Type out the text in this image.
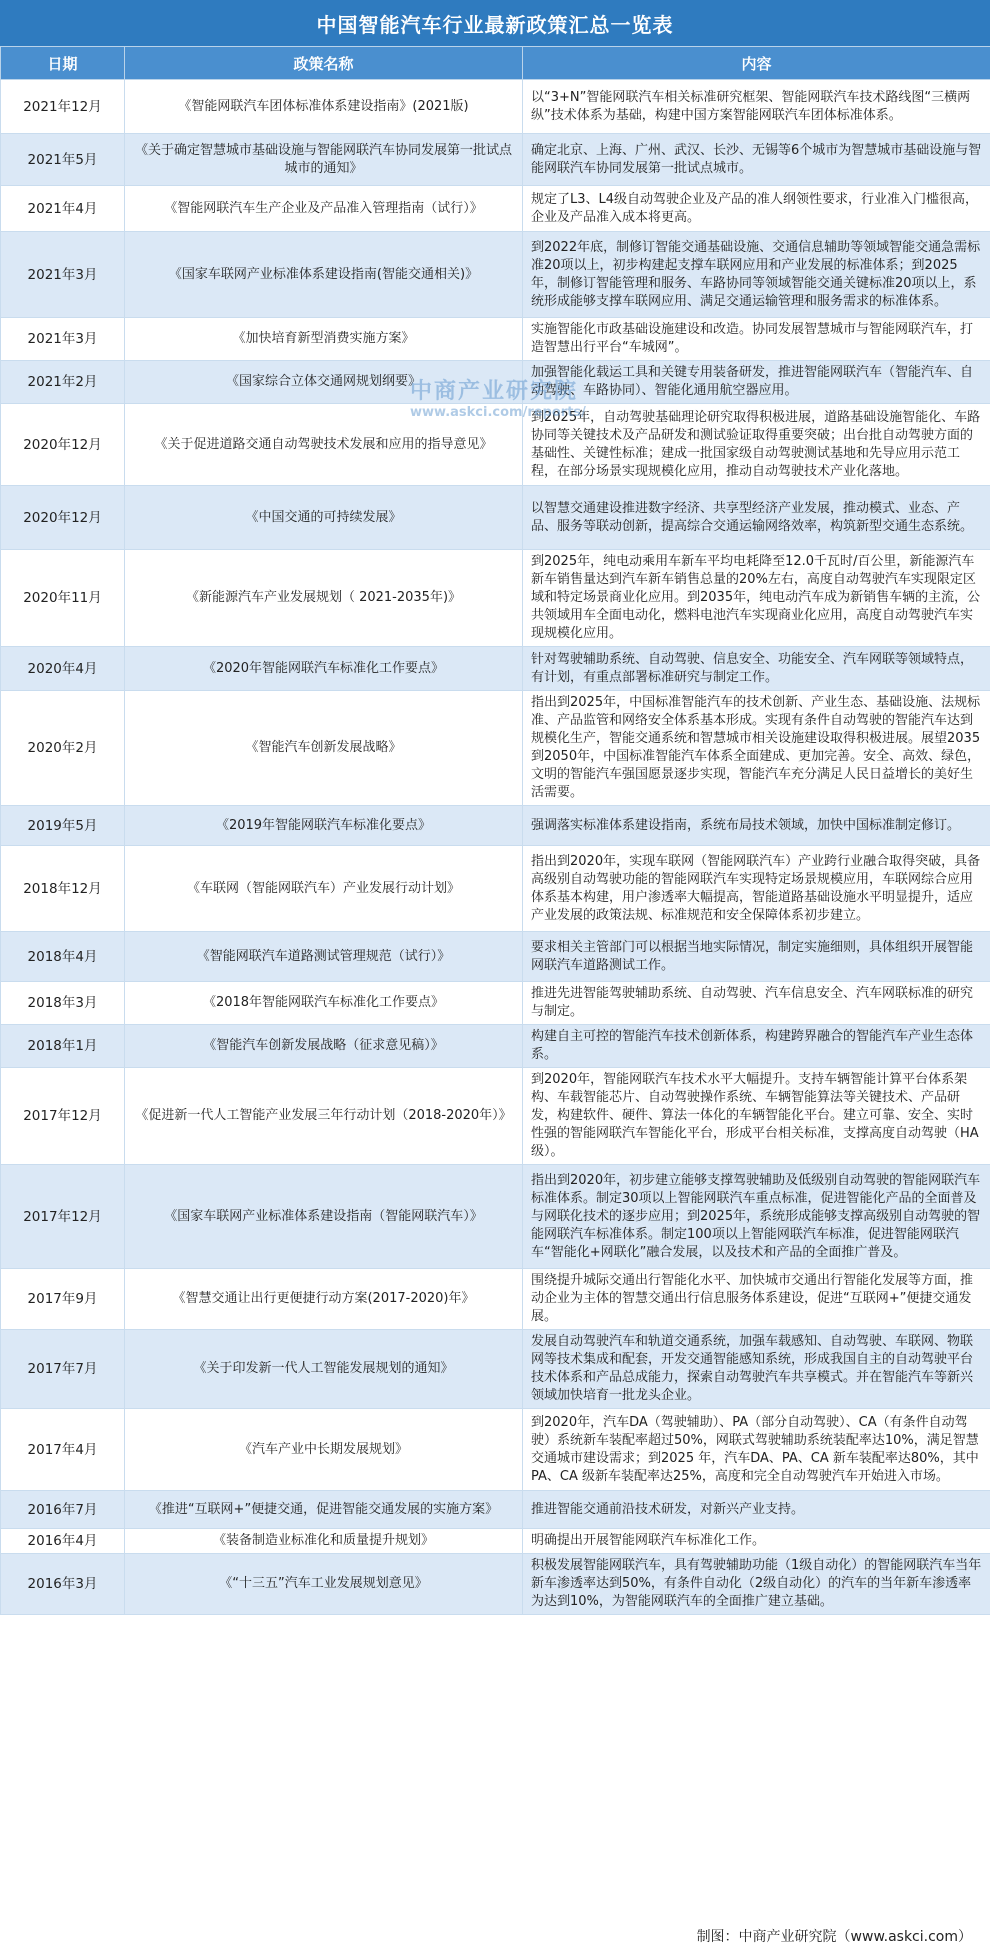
中国智能汽车行业最新政策汇总一览表
日期	政策名称	内容
2021年12月	《智能网联汽车团体标准体系建设指南》(2021版)	以“3+N”智能网联汽车相关标准研究框架、智能网联汽车技术路线图“三横两纵”技术体系为基础，构建中国方案智能网联汽车团体标准体系。
2021年5月	《关于确定智慧城市基础设施与智能网联汽车协同发展第一批试点城市的通知》	确定北京、上海、广州、武汉、长沙、无锡等6个城市为智慧城市基础设施与智能网联汽车协同发展第一批试点城市。
2021年4月	《智能网联汽车生产企业及产品准入管理指南（试行）》	规定了L3、L4级自动驾驶企业及产品的准人纲领性要求，行业准入门槛很高，企业及产品准入成本将更高。
2021年3月	《国家车联网产业标准体系建设指南(智能交通相关)》	到2022年底，制修订智能交通基础设施、交通信息辅助等领域智能交通急需标准20项以上，初步构建起支撑车联网应用和产业发展的标准体系；到2025年，制修订智能管理和服务、车路协同等领域智能交通关键标准20项以上，系统形成能够支撑车联网应用、满足交通运输管理和服务需求的标准体系。
2021年3月	《加快培育新型消费实施方案》	实施智能化市政基础设施建设和改造。协同发展智慧城市与智能网联汽车，打造智慧出行平台“车城网”。
2021年2月	《国家综合立体交通网规划纲要》	加强智能化载运工具和关键专用装备研发，推进智能网联汽车（智能汽车、自动驾驶、车路协同）、智能化通用航空器应用。
2020年12月	《关于促进道路交通自动驾驶技术发展和应用的指导意见》	到2025年，自动驾驶基础理论研究取得积极进展，道路基础设施智能化、车路协同等关键技术及产品研发和测试验证取得重要突破；出台批自动驾驶方面的基础性、关键性标准；建成一批国家级自动驾驶测试基地和先导应用示范工程，在部分场景实现规模化应用，推动自动驾驶技术产业化落地。
2020年12月	《中国交通的可持续发展》	以智慧交通建设推进数字经济、共享型经济产业发展，推动模式、业态、产品、服务等联动创新，提高综合交通运输网络效率，构筑新型交通生态系统。
2020年11月	《新能源汽车产业发展规划（ 2021-2035年)》	到2025年，纯电动乘用车新车平均电耗降至12.0千瓦时/百公里，新能源汽车新车销售量达到汽车新车销售总量的20%左右，高度自动驾驶汽车实现限定区域和特定场景商业化应用。到2035年，纯电动汽车成为新销售车辆的主流，公共领域用车全面电动化，燃料电池汽车实现商业化应用，高度自动驾驶汽车实现规模化应用。
2020年4月	《2020年智能网联汽车标准化工作要点》	针对驾驶辅助系统、自动驾驶、信息安全、功能安全、汽车网联等领域特点，有计划，有重点部署标准研究与制定工作。
2020年2月	《智能汽车创新发展战略》	指出到2025年，中国标准智能汽车的技术创新、产业生态、基础设施、法规标准、产品监管和网络安全体系基本形成。实现有条件自动驾驶的智能汽车达到规模化生产，智能交通系统和智慧城市相关设施建设取得积极进展。展望2035到2050年，中国标准智能汽车体系全面建成、更加完善。安全、高效、绿色，文明的智能汽车强国愿景逐步实现，智能汽车充分满足人民日益增长的美好生活需要。
2019年5月	《2019年智能网联汽车标准化要点》	强调落实标准体系建设指南，系统布局技术领域，加快中国标准制定修订。
2018年12月	《车联网（智能网联汽车）产业发展行动计划》	指出到2020年，实现车联网（智能网联汽车）产业跨行业融合取得突破，具备高级别自动驾驶功能的智能网联汽车实现特定场景规模应用，车联网综合应用体系基本构建，用户渗透率大幅提高，智能道路基础设施水平明显提升，适应产业发展的政策法规、标准规范和安全保障体系初步建立。
2018年4月	《智能网联汽车道路测试管理规范（试行）》	要求相关主管部门可以根据当地实际情况，制定实施细则，具体组织开展智能网联汽车道路测试工作。
2018年3月	《2018年智能网联汽车标准化工作要点》	推进先进智能驾驶辅助系统、自动驾驶、汽车信息安全、汽车网联标准的研究与制定。
2018年1月	《智能汽车创新发展战略（征求意见稿）》	构建自主可控的智能汽车技术创新体系，构建跨界融合的智能汽车产业生态体系。
2017年12月	《促进新一代人工智能产业发展三年行动计划（2018-2020年）》	到2020年，智能网联汽车技术水平大幅提升。支持车辆智能计算平台体系架构、车载智能芯片、自动驾驶操作系统、车辆智能算法等关键技术、产品研发，构建软件、硬件、算法一体化的车辆智能化平台。建立可靠、安全、实时性强的智能网联汽车智能化平台，形成平台相关标准，支撑高度自动驾驶（HA 级）。
2017年12月	《国家车联网产业标准体系建设指南（智能网联汽车）》	指出到2020年，初步建立能够支撑驾驶辅助及低级别自动驾驶的智能网联汽车标准体系。制定30项以上智能网联汽车重点标准，促进智能化产品的全面普及与网联化技术的逐步应用；到2025年，系统形成能够支撑高级别自动驾驶的智能网联汽车标准体系。制定100项以上智能网联汽车标准，促进智能网联汽车“智能化+网联化”融合发展，以及技术和产品的全面推广普及。
2017年9月	《智慧交通让出行更便捷行动方案(2017-2020)年》	围绕提升城际交通出行智能化水平、加快城市交通出行智能化发展等方面，推动企业为主体的智慧交通出行信息服务体系建设，促进“互联网+”便捷交通发展。
2017年7月	《关于印发新一代人工智能发展规划的通知》	发展自动驾驶汽车和轨道交通系统，加强车载感知、自动驾驶、车联网、物联网等技术集成和配套，开发交通智能感知系统，形成我国自主的自动驾驶平台技术体系和产品总成能力，探索自动驾驶汽车共享模式。并在智能汽车等新兴领域加快培育一批龙头企业。
2017年4月	《汽车产业中长期发展规划》	到2020年，汽车DA（驾驶辅助）、PA（部分自动驾驶）、CA（有条件自动驾驶）系统新车装配率超过50%，网联式驾驶辅助系统装配率达10%，满足智慧交通城市建设需求；到2025 年，汽车DA、PA、CA 新车装配率达80%，其中PA、CA 级新车装配率达25%，高度和完全自动驾驶汽车开始进入市场。
2016年7月	《推进“互联网+”便捷交通，促进智能交通发展的实施方案》	推进智能交通前沿技术研发，对新兴产业支持。
2016年4月	《装备制造业标准化和质量提升规划》	明确提出开展智能网联汽车标准化工作。
2016年3月	《“十三五”汽车工业发展规划意见》	积极发展智能网联汽车，具有驾驶辅助功能（1级自动化）的智能网联汽车当年新车渗透率达到50%，有条件自动化（2级自动化）的汽车的当年新车渗透率为达到10%，为智能网联汽车的全面推广建立基础。
中商产业研究院
www.askci.com/reports/
制图：中商产业研究院（www.askci.com）
